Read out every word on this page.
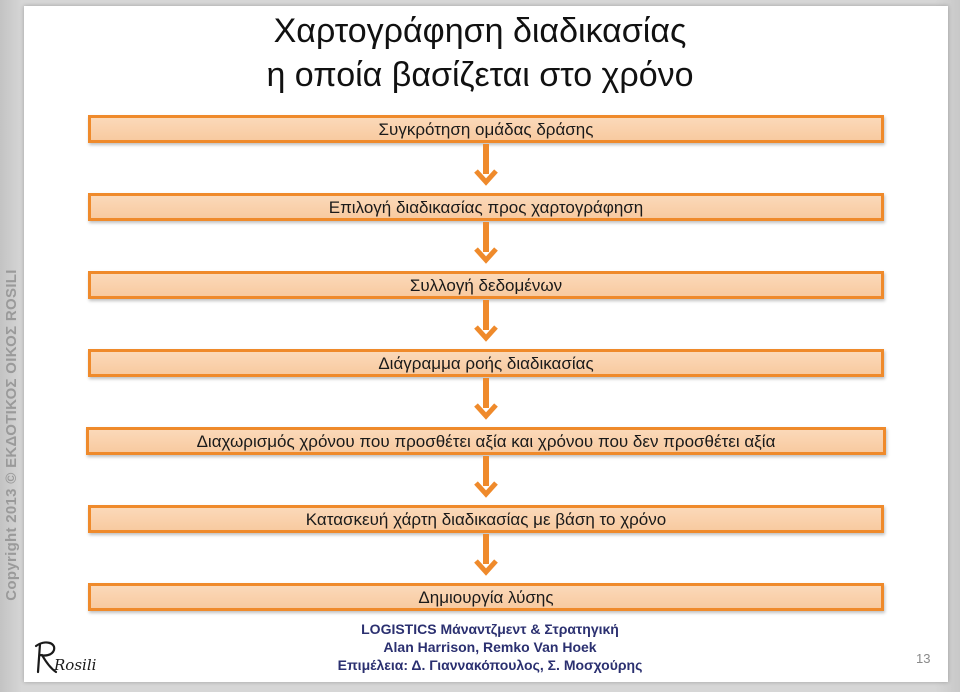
Copyright 2013 © ΕΚΔΟΤΙΚΟΣ ΟΙΚΟΣ ROSILI
Χαρτογράφηση διαδικασίας
η οποία βασίζεται στο χρόνο
Συγκρότηση ομάδας δράσης
Επιλογή διαδικασίας προς χαρτογράφηση
Συλλογή δεδομένων
Διάγραμμα ροής διαδικασίας
Διαχωρισμός χρόνου που προσθέτει αξία και χρόνου που δεν προσθέτει αξία
Κατασκευή χάρτη διαδικασίας με βάση το χρόνο
Δημιουργία λύσης
LOGISTICS Μάναντζμεντ & Στρατηγική
Alan Harrison, Remko Van Hoek
Επιμέλεια: Δ. Γιαννακόπουλος, Σ. Μοσχούρης
Rosili	13
